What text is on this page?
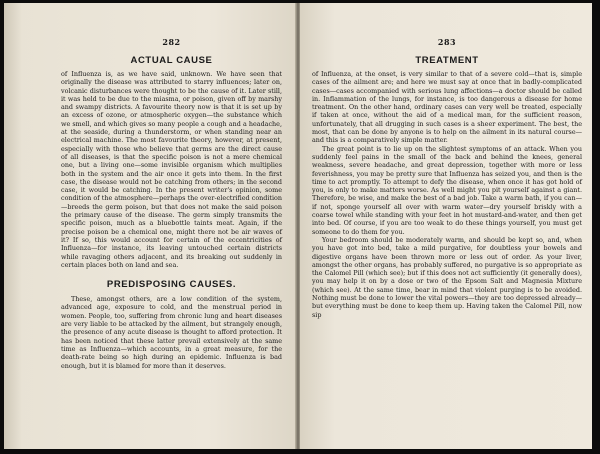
282
ACTUAL CAUSE

of Influenza is, as we have said, unknown. We have seen that originally the disease was attributed to starry influences; later on, volcanic disturbances were thought to be the cause of it. Later still, it was held to be due to the miasma, or poison, given off by marshy and swampy districts. A favourite theory now is that it is set up by an excess of ozone, or atmospheric oxygen—the substance which we smell, and which gives so many people a cough and a headache, at the seaside, during a thunderstorm, or when standing near an electrical machine. The most favourite theory, however, at present, especially with those who believe that germs are the direct cause of all diseases, is that the specific poison is not a mere chemical one, but a living one—some invisible organism which multiplies both in the system and the air once it gets into them. In the first case, the disease would not be catching from others; in the second case, it would be catching. In the present writer's opinion, some condition of the atmosphere—perhaps the over-electrified condition—breeds the germ poison, but that does not make the said poison the primary cause of the disease. The germ simply transmits the specific poison, much as a bluebottle taints meat. Again, if the precise poison be a chemical one, might there not be air waves of it? If so, this would account for certain of the eccentricities of Influenza—for instance, its leaving untouched certain districts while ravaging others adjacent, and its breaking out suddenly in certain places both on land and sea.

PREDISPOSING CAUSES.

These, amongst others, are a low condition of the system, advanced age, exposure to cold, and the menstrual period in women. People, too, suffering from chronic lung and heart diseases are very liable to be attacked by the ailment, but strangely enough, the presence of any acute disease is thought to afford protection. It has been noticed that these latter prevail extensively at the same time as Influenza—which accounts, in a great measure, for the death-rate being so high during an epidemic. Influenza is bad enough, but it is blamed for more than it deserves.

283
TREATMENT

of Influenza, at the onset, is very similar to that of a severe cold—that is, simple cases of the ailment are; and here we must say at once that in badly-complicated cases—cases accompanied with serious lung affections—a doctor should be called in. Inflammation of the lungs, for instance, is too dangerous a disease for home treatment. On the other hand, ordinary cases can very well be treated, especially if taken at once, without the aid of a medical man, for the sufficient reason, unfortunately, that all drugging in such cases is a sheer experiment. The best, the most, that can be done by anyone is to help on the ailment in its natural course—and this is a comparatively simple matter.

The great point is to lie up on the slightest symptoms of an attack. When you suddenly feel pains in the small of the back and behind the knees, general weakness, severe headache, and great depression, together with more or less feverishness, you may be pretty sure that Influenza has seized you, and then is the time to act promptly. To attempt to defy the disease, when once it has got hold of you, is only to make matters worse. As well might you pit yourself against a giant. Therefore, be wise, and make the best of a bad job. Take a warm bath, if you can—if not, sponge yourself all over with warm water—dry yourself briskly with a coarse towel while standing with your feet in hot mustard-and-water, and then get into bed. Of course, if you are too weak to do these things yourself, you must get someone to do them for you.

Your bedroom should be moderately warm, and should be kept so, and, when you have got into bed, take a mild purgative, for doubtless your bowels and digestive organs have been thrown more or less out of order. As your liver, amongst the other organs, has probably suffered, no purgative is so appropriate as the Calomel Pill (which see); but if this does not act sufficiently (it generally does), you may help it on by a dose or two of the Epsom Salt and Magnesia Mixture (which see). At the same time, bear in mind that violent purging is to be avoided. Nothing must be done to lower the vital powers—they are too depressed already—but everything must be done to keep them up. Having taken the Calomel Pill, now sip
